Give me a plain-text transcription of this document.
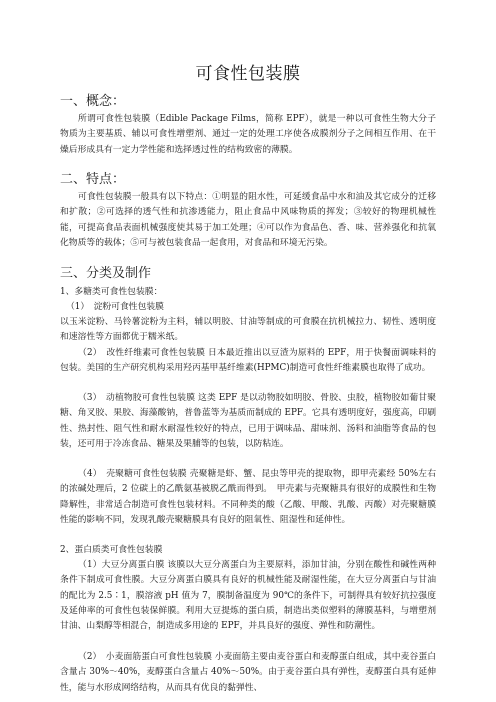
可食性包装膜
一、概念：
所谓可食性包装膜（Edible Package Films，简称 EPF），就是一种以可食性生物大分子物质为主要基质、辅以可食性增塑剂、通过一定的处理工序使各成膜剂分子之间相互作用、在干燥后形成具有一定力学性能和选择透过性的结构致密的薄膜。
二、特点：
可食性包装膜一般具有以下特点：①明显的阻水性，可延缓食品中水和油及其它成分的迁移和扩散；②可选择的透气性和抗渗透能力，阻止食品中风味物质的挥发；③较好的物理机械性能，可提高食品表面机械强度使其易于加工处理；④可以作为食品色、香、味、营养强化和抗氧化物质等的载体；⑤可与被包装食品一起食用，对食品和环境无污染。
三、分类及制作
1、多糖类可食性包装膜：
（1）　淀粉可食性包装膜
以玉米淀粉、马铃薯淀粉为主料，辅以明胶、甘油等制成的可食膜在抗机械拉力、韧性、透明度和速溶性等方面都优于糯米纸。
（2）　改性纤维素可食性包装膜 日本最近推出以豆渣为原料的 EPF，用于快餐面调味料的包装。美国的生产研究机构采用羟丙基甲基纤维素(HPMC)制造可食性纤维素膜也取得了成功。
（3）　动植物胶可食性包装膜 这类 EPF 是以动物胶如明胶、骨胶、虫胶，植物胶如葡甘聚糖、角叉胶、果胶、海藻酸钠，普鲁蓝等为基质而制成的 EPF。它具有透明度好，强度高，印刷性、热封性、阻气性和耐水耐湿性较好的特点，已用于调味品、甜味剂、汤料和油脂等食品的包装，还可用于冷冻食品、糖果及果脯等的包装，以防粘连。
（4）　壳聚糖可食性包装膜 壳聚糖是虾、蟹、昆虫等甲壳的提取物，即甲壳素经 50%左右的浓碱处理后，2 位碳上的乙酰氨基被脱乙酰而得到。　甲壳素与壳聚糖具有很好的成膜性和生物降解性，非常适合制造可食性包装材料。不同种类的酸（乙酸、甲酸、乳酸、丙酸）对壳聚糖膜性能的影响不同，发现乳酸壳聚糖膜具有良好的阻氧性、阻湿性和延伸性。
2、蛋白质类可食性包装膜
（1）大豆分离蛋白膜 该膜以大豆分离蛋白为主要原料，添加甘油，分别在酸性和碱性两种条件下制成可食性膜。大豆分离蛋白膜具有良好的机械性能及耐湿性能，在大豆分离蛋白与甘油的配比为 2.5∶1，膜溶液 pH 值为 7，膜制备温度为 90℃的条件下，可制得具有较好抗拉强度及延伸率的可食性包装保鲜膜。利用大豆提炼的蛋白质，制造出类似塑料的薄膜基料，与增塑剂甘油、山梨醇等相混合，制造成多用途的 EPF，并具良好的强度、弹性和防潮性。
（2）　小麦面筋蛋白可食性包装膜 小麦面筋主要由麦谷蛋白和麦醇蛋白组成，其中麦谷蛋白含量占 30%～40%，麦醇蛋白含量占 40%～50%。由于麦谷蛋白具有弹性，麦醇蛋白具有延伸性，能与水形成网络结构，从而具有优良的黏弹性、
